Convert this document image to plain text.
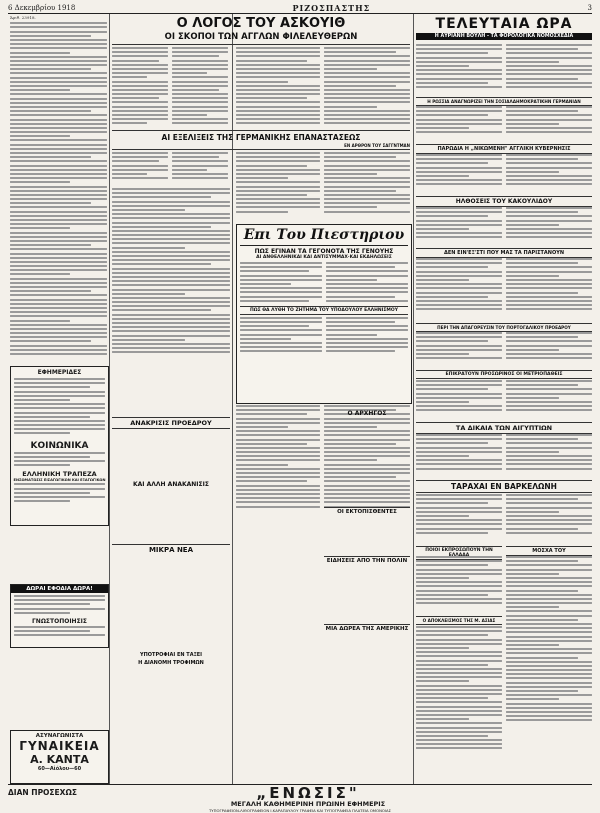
6 Δεκεμβρίου 1918	ΡΙΖΟΣΠΑΣΤΗΣ	3
Ἀριθ. 23918.
ΕΦΗΜΕΡΙΔΕΣ
ΚΟΙΝΩΝΙΚΑ
ΕΛΛΗΝΙΚΗ ΤΡΑΠΕΖΑ
ΕΝΣΩΜΑΤΩΣΙΣ ΕΙΣΑΓΩΓΙΚΩΝ ΚΑΙ ΕΞΑΓΩΓΙΚΩΝ
ΔΩΡΑΙ ΕΦΟΔΙΑ ΔΩΡΑ!
ΓΝΩΣΤΟΠΟΙΗΣΙΣ
ΑΣΥΝΑΓΩΝΙΣΤΑ
ΓΥΝΑΙΚΕΙΑ
Α. ΚΑΝΤΑ
60—Αἰόλου—60
Ο ΛΟΓΟΣ ΤΟΥ ΑΣΚΟΥΙΘ
ΟΙ ΣΚΟΠΟΙ ΤΩΝ ΑΓΓΛΩΝ ΦΙΛΕΛΕΥΘΕΡΩΝ
ΑΙ ΕΞΕΛΙΞΕΙΣ ΤΗΣ ΓΕΡΜΑΝΙΚΗΣ ΕΠΑΝΑΣΤΑΣΕΩΣ
ΕΝ ΑΡΘΡΟΝ ΤΟΥ ΣΑΓΓΝΤΜΑΝ
ΑΝΑΚΡΙΣΙΣ ΠΡΟΕΔΡΟΥ
ΚΑΙ ΑΛΛΗ ΑΝΑΚΑΝΙΣΙΣ
ΜΙΚΡΑ ΝΕΑ
ΥΠΟΤΡΟΦΙΑΙ ΕΝ ΤΑΞΕΙ
Η ΔΙΑΝΟΜΗ ΤΡΟΦΙΜΩΝ
Επι Του Πιεστηριου
ΠΩΣ ΕΓΙΝΑΝ ΤΑ ΓΕΓΟΝΟΤΑ ΤΗΣ ΓΕΝΟΥΗΣ
ΑΙ ΑΝΘΕΛΛΗΝΙΚΑΙ ΚΑΙ ΑΝΤΙΣΥΜΜΑΧ·ΚΑΙ ΕΚΔΗΛΩΣΕΙΣ
ΠΩΣ ΘΑ ΛΥΘΗ ΤΟ ΖΗΤΗΜΑ ΤΟΥ ΥΠΟΔΟΥΛΟΥ ΕΛΛΗΝΙΣΜΟΥ
Ο ΑΡΧΗΓΟΣ
ΟΙ ΕΚΤΟΠΙΣΘΕΝΤΕΣ
ΕΙΔΗΣΕΙΣ ΑΠΟ ΤΗΝ ΠΟΛΙΝ
ΜΙΑ ΔΩΡΕΑ ΤΗΣ ΑΜΕΡΙΚΗΣ
ΤΕΛΕΥΤΑΙΑ ΩΡΑ
Η ΑΥΡΙΑΝΗ ΒΟΥΛΗ - ΤΑ ΦΟΡΟΛΟΓΙΚΑ ΝΟΜΟΣΧΕΔΙΑ
Η ΡΩΣΣΙΑ ΑΝΑΓΝΩΡΙΖΕΙ ΤΗΝ ΣΟΣΙΑΛΔΗΜΟΚΡΑΤΙΚΗΝ ΓΕΡΜΑΝΙΑΝ
ΠΑΡΩΔΙΑ Η „ΝΙΚΩΜΕΝΗ" ΑΓΓΛΙΚΗ ΚΥΒΕΡΝΗΣΙΣ
ΗΛΘΟΣΕΙΣ ΤΟΥ ΚΑΚΟΥΛΙΔΟΥ
ΔΕΝ ΕΙΝ'ΕΞ'ΣΤΙ ΠΟΥ ΜΑΣ ΤΑ ΠΑΡΙΣΤΑΝΟΥΝ
ΠΕΡΙ ΤΗΝ ΑΠΑΓΟΡΕΥΣΙΝ ΤΟΥ ΠΟΡΤΟΓΑΛΙΚΟΥ ΠΡΟΕΔΡΟΥ
ΕΠΙΚΡΑΤΟΥΝ ΠΡΟΣΩΡΙΝΟΣ ΟΙ ΜΕΤΡΙΟΠΑΘΕΙΣ
ΤΑ ΔΙΚΑΙΑ ΤΩΝ ΑΙΓΥΠΤΙΩΝ
ΤΑΡΑΧΑΙ ΕΝ ΒΑΡΚΕΛΩΝΗ
ΠΟΙΟΙ ΕΚΠΡΟΣΩΠΟΥΝ ΤΗΝ	ΜΟΣΧΑ ΤΟΥ
Ο ΑΠΟΚΛΕΙΣΜΟΣ ΤΗΣ Μ. ΑΣΙΑΣ
ΔΙΑΝ ΠΡΟΣΕΧΩΣ	„ΕΝΩΣΙΣ"
ΜΕΓΑΛΗ ΚΑΘΗΜΕΡΙΝΗ ΠΡΩΙΝΗ ΕΦΗΜΕΡΙΣ
ΤΥΠΟΓΡΑΦΕΙΟΝ-ΛΙΘΟΓΡΑΦΕΙΟΝ Ι.ΚΑΡΑΠΑΥΛΟΥ ΓΡΑΦΕΙΑ ΚΑΙ ΤΥΠΟΓΡΑΦΕΙΑ ΠΛΑΤΕΙΑ ΟΜΟΝΟΙΑΣ
